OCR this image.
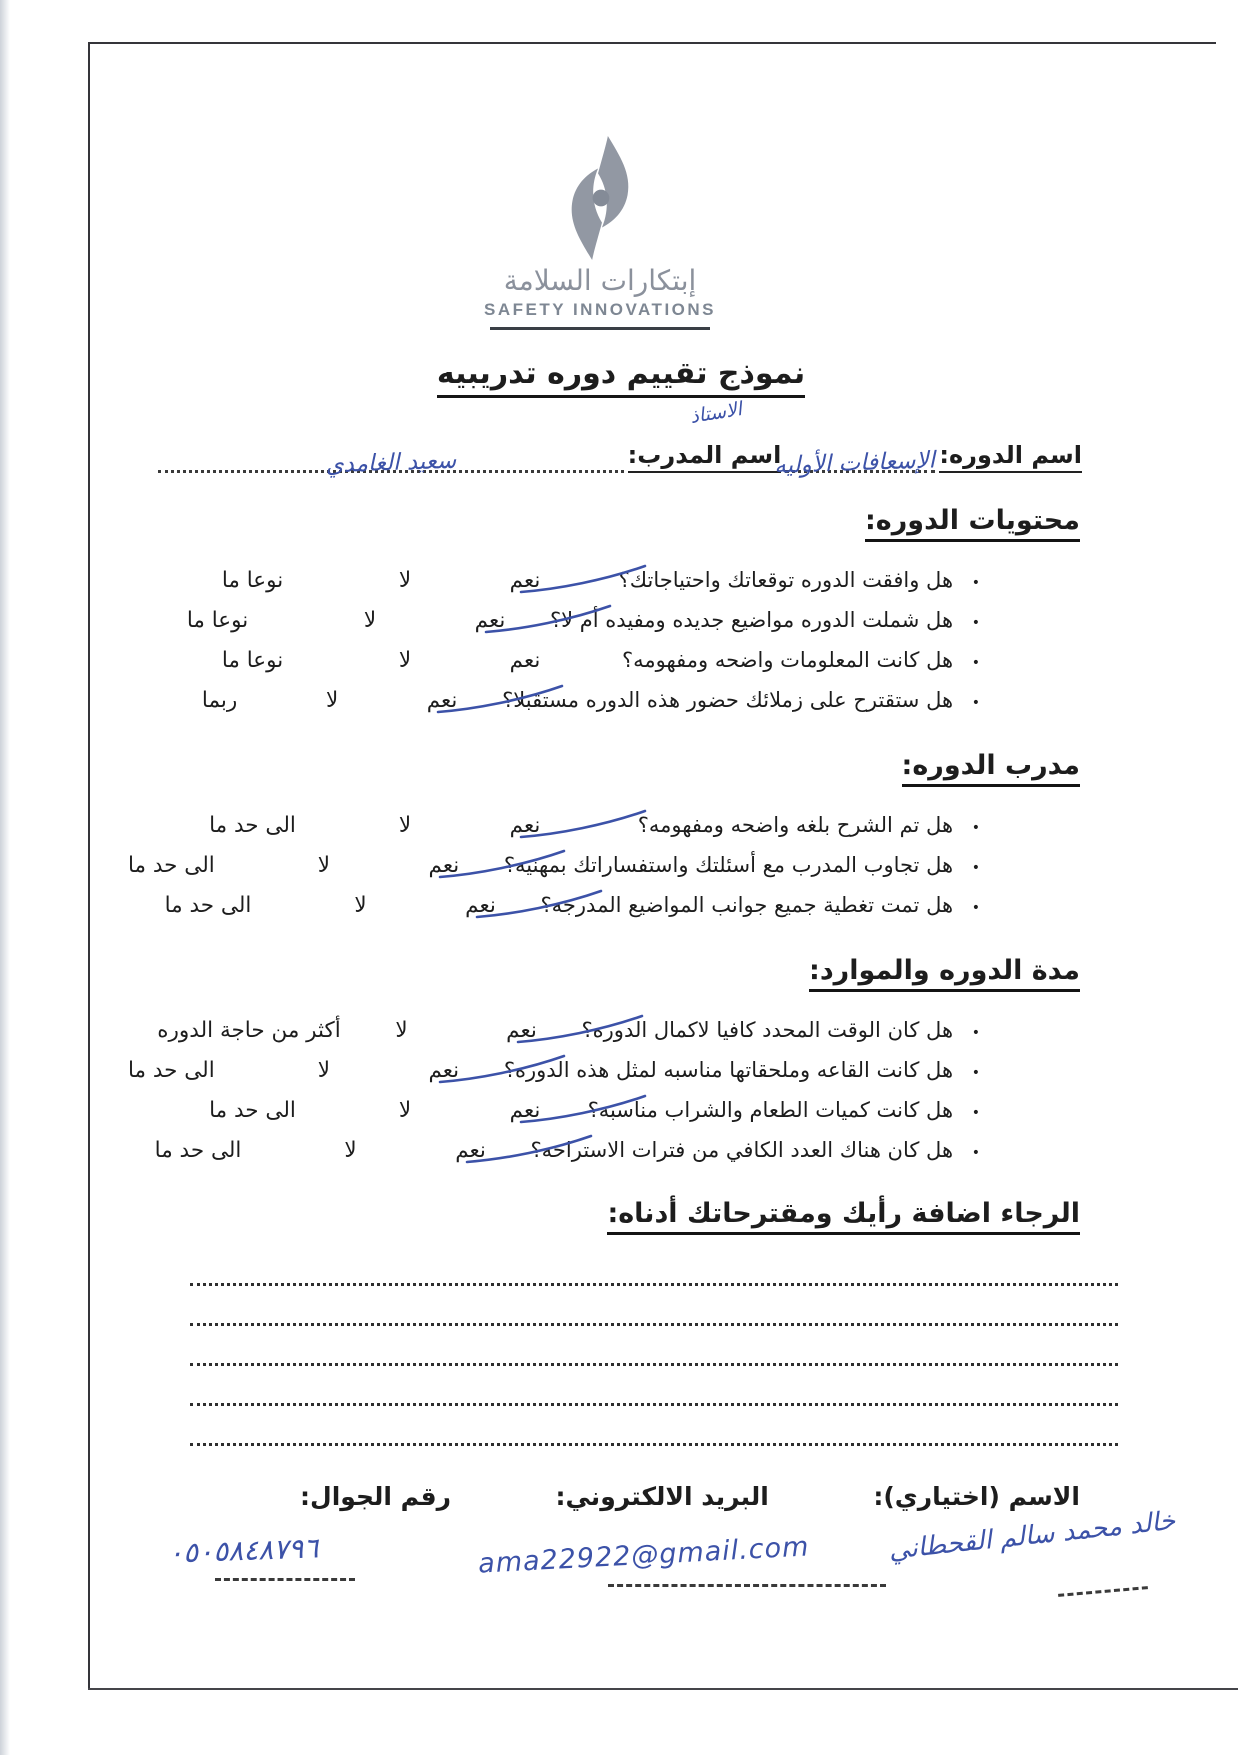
إبتكارات السلامة
SAFETY INNOVATIONS
نموذج تقييم دوره تدريبيه
الاستاذ
اسم الدوره:
الإسعافات الأوليه
اسم المدرب:
سعيد الغامدي
محتويات الدوره:
• هل وافقت الدوره توقعاتك واحتياجاتك؟
نعم
لا
نوعا ما
• هل شملت الدوره مواضيع جديده ومفيده أم لا؟
نعم
لا
نوعا ما
• هل كانت المعلومات واضحه ومفهومه؟
نعم
لا
نوعا ما
• هل ستقترح على زملائك حضور هذه الدوره مستقبلا؟
نعم
لا
ربما
مدرب الدوره:
• هل تم الشرح بلغه واضحه ومفهومه؟
نعم
لا
الى حد ما
• هل تجاوب المدرب مع أسئلتك واستفساراتك بمهنيه؟
نعم
لا
الى حد ما
• هل تمت تغطية جميع جوانب المواضيع المدرجه؟
نعم
لا
الى حد ما
مدة الدوره والموارد:
• هل كان الوقت المحدد كافيا لاكمال الدوره؟
نعم
لا
أكثر من حاجة الدوره
• هل كانت القاعه وملحقاتها مناسبه لمثل هذه الدوره؟
نعم
لا
الى حد ما
• هل كانت كميات الطعام والشراب مناسبه؟
نعم
لا
الى حد ما
• هل كان هناك العدد الكافي من فترات الاستراحه؟
نعم
لا
الى حد ما
الرجاء اضافة رأيك ومقترحاتك أدناه:
الاسم (اختياري):
البريد الالكتروني:
رقم الجوال:
خالد محمد سالم القحطاني
ama22922@gmail.com
٠٥٠٥٨٤٨٧٩٦
